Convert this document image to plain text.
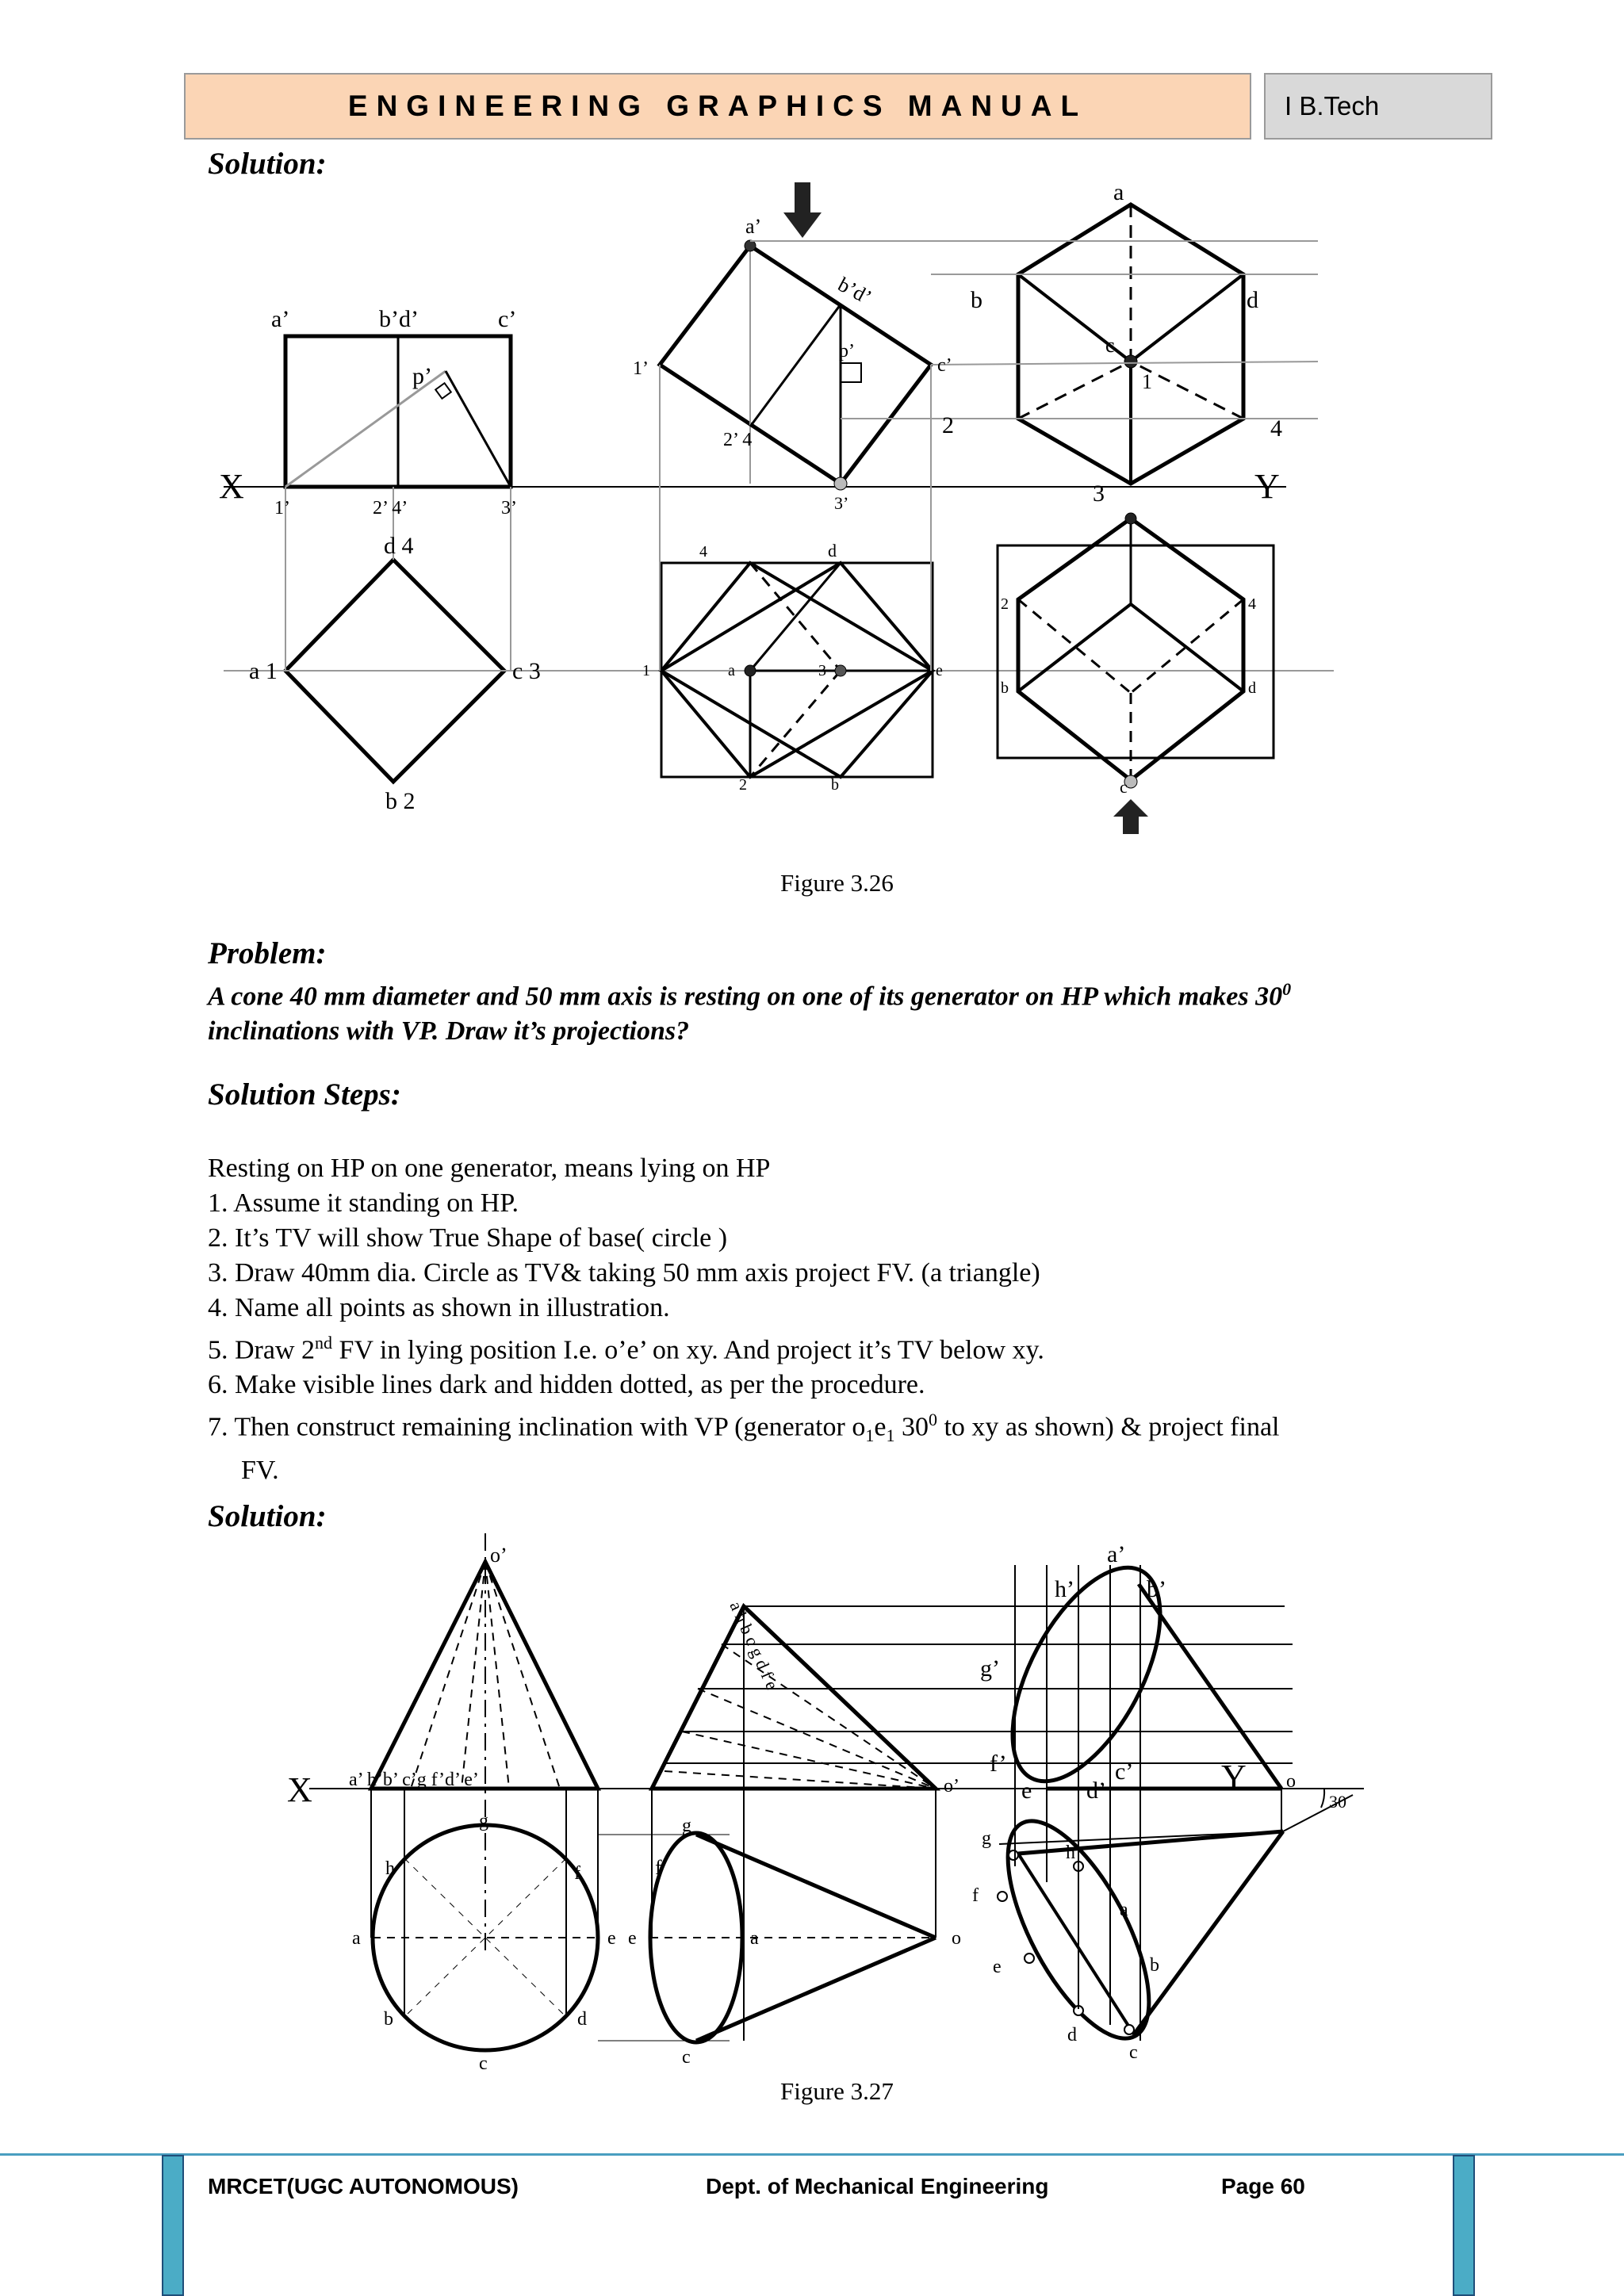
ENGINEERING GRAPHICS MANUAL	I B.Tech
Solution:
X	Y
a’	b’d’	c’
p’
1’	2’ 4’	3’
d 4
a 1	c 3
b 2
a’
b’d’
1’
p’
c’
2’ 4
3’
a
b	d
c
1
2	4
3
4	d
1	a	3	e
2	b
2	4
b	d
c
Figure 3.26
Problem:
A cone 40 mm diameter and 50 mm axis is resting on one of its generator on HP which makes $30^0$
inclinations with VP. Draw it’s projections?
Solution Steps:
Resting on HP on one generator, means lying on HP
1. Assume it standing on HP.
2. It’s TV will show True Shape of base( circle )
3. Draw 40mm dia. Circle as TV& taking 50 mm axis project FV. (a triangle)
4. Name all points as shown in illustration.
5. Draw 2nd FV in lying position I.e. o’e’ on xy. And project it’s TV below xy.
6. Make visible lines dark and hidden dotted, as per the procedure.
7. Then construct remaining inclination with VP (generator $o_1e_1$ $30^0$ to xy as shown) & project final
FV.
Solution:
X	Y
o’
a’ h’b’ c’g f’d’ e’
g
h	f
a	e
b	d
c
f
g
e	a
c
o
o’
a h b c g d f e
a’
b’
h’
g’
f’
e d’
c’	o
30
g
h
f
a
e	b
d
c
Figure 3.27
MRCET(UGC AUTONOMOUS)	Dept. of Mechanical Engineering	Page 60
